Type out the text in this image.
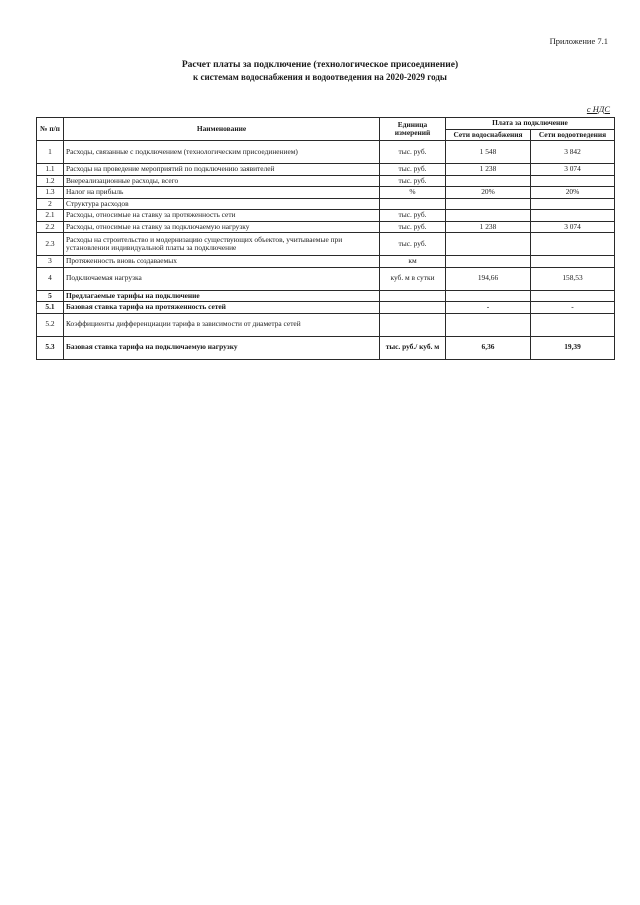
Приложение 7.1
Расчет платы за подключение (технологическое присоединение)
к системам водоснабжения и водоотведения на 2020-2029 годы
с НДС
№ п/п	Наименование	Единица измерений	Плата за подключение	
			Сети водоснабжения	Сети водоотведения
1	Расходы, связанные с подключением (технологическим присоединением)	тыс. руб.	1 548	3 842
1.1	Расходы на проведение мероприятий по подключению заявителей	тыс. руб.	1 238	3 074
1.2	Внереализационные расходы, всего	тыс. руб.		
1.3	Налог на прибыль	%	20%	20%
2	Структура расходов			
2.1	Расходы, относимые на ставку за протяженность сети	тыс. руб.		
2.2	Расходы, относимые на ставку за подключаемую нагрузку	тыс. руб.	1 238	3 074
2.3	Расходы на строительство и модернизацию существующих объектов, учитываемые при установлении индивидуальной платы за подключение	тыс. руб.		
3	Протяженность вновь создаваемых	км		
4	Подключаемая нагрузка	куб. м в сутки	194,66	158,53
5	Предлагаемые тарифы на подключение			
5.1	Базовая ставка тарифа на протяженность сетей		-	-
5.2	Коэффициенты дифференциации тарифа в зависимости от диаметра сетей			
5.3	Базовая ставка тарифа на подключаемую нагрузку	тыс. руб./ куб. м	6,36	19,39
